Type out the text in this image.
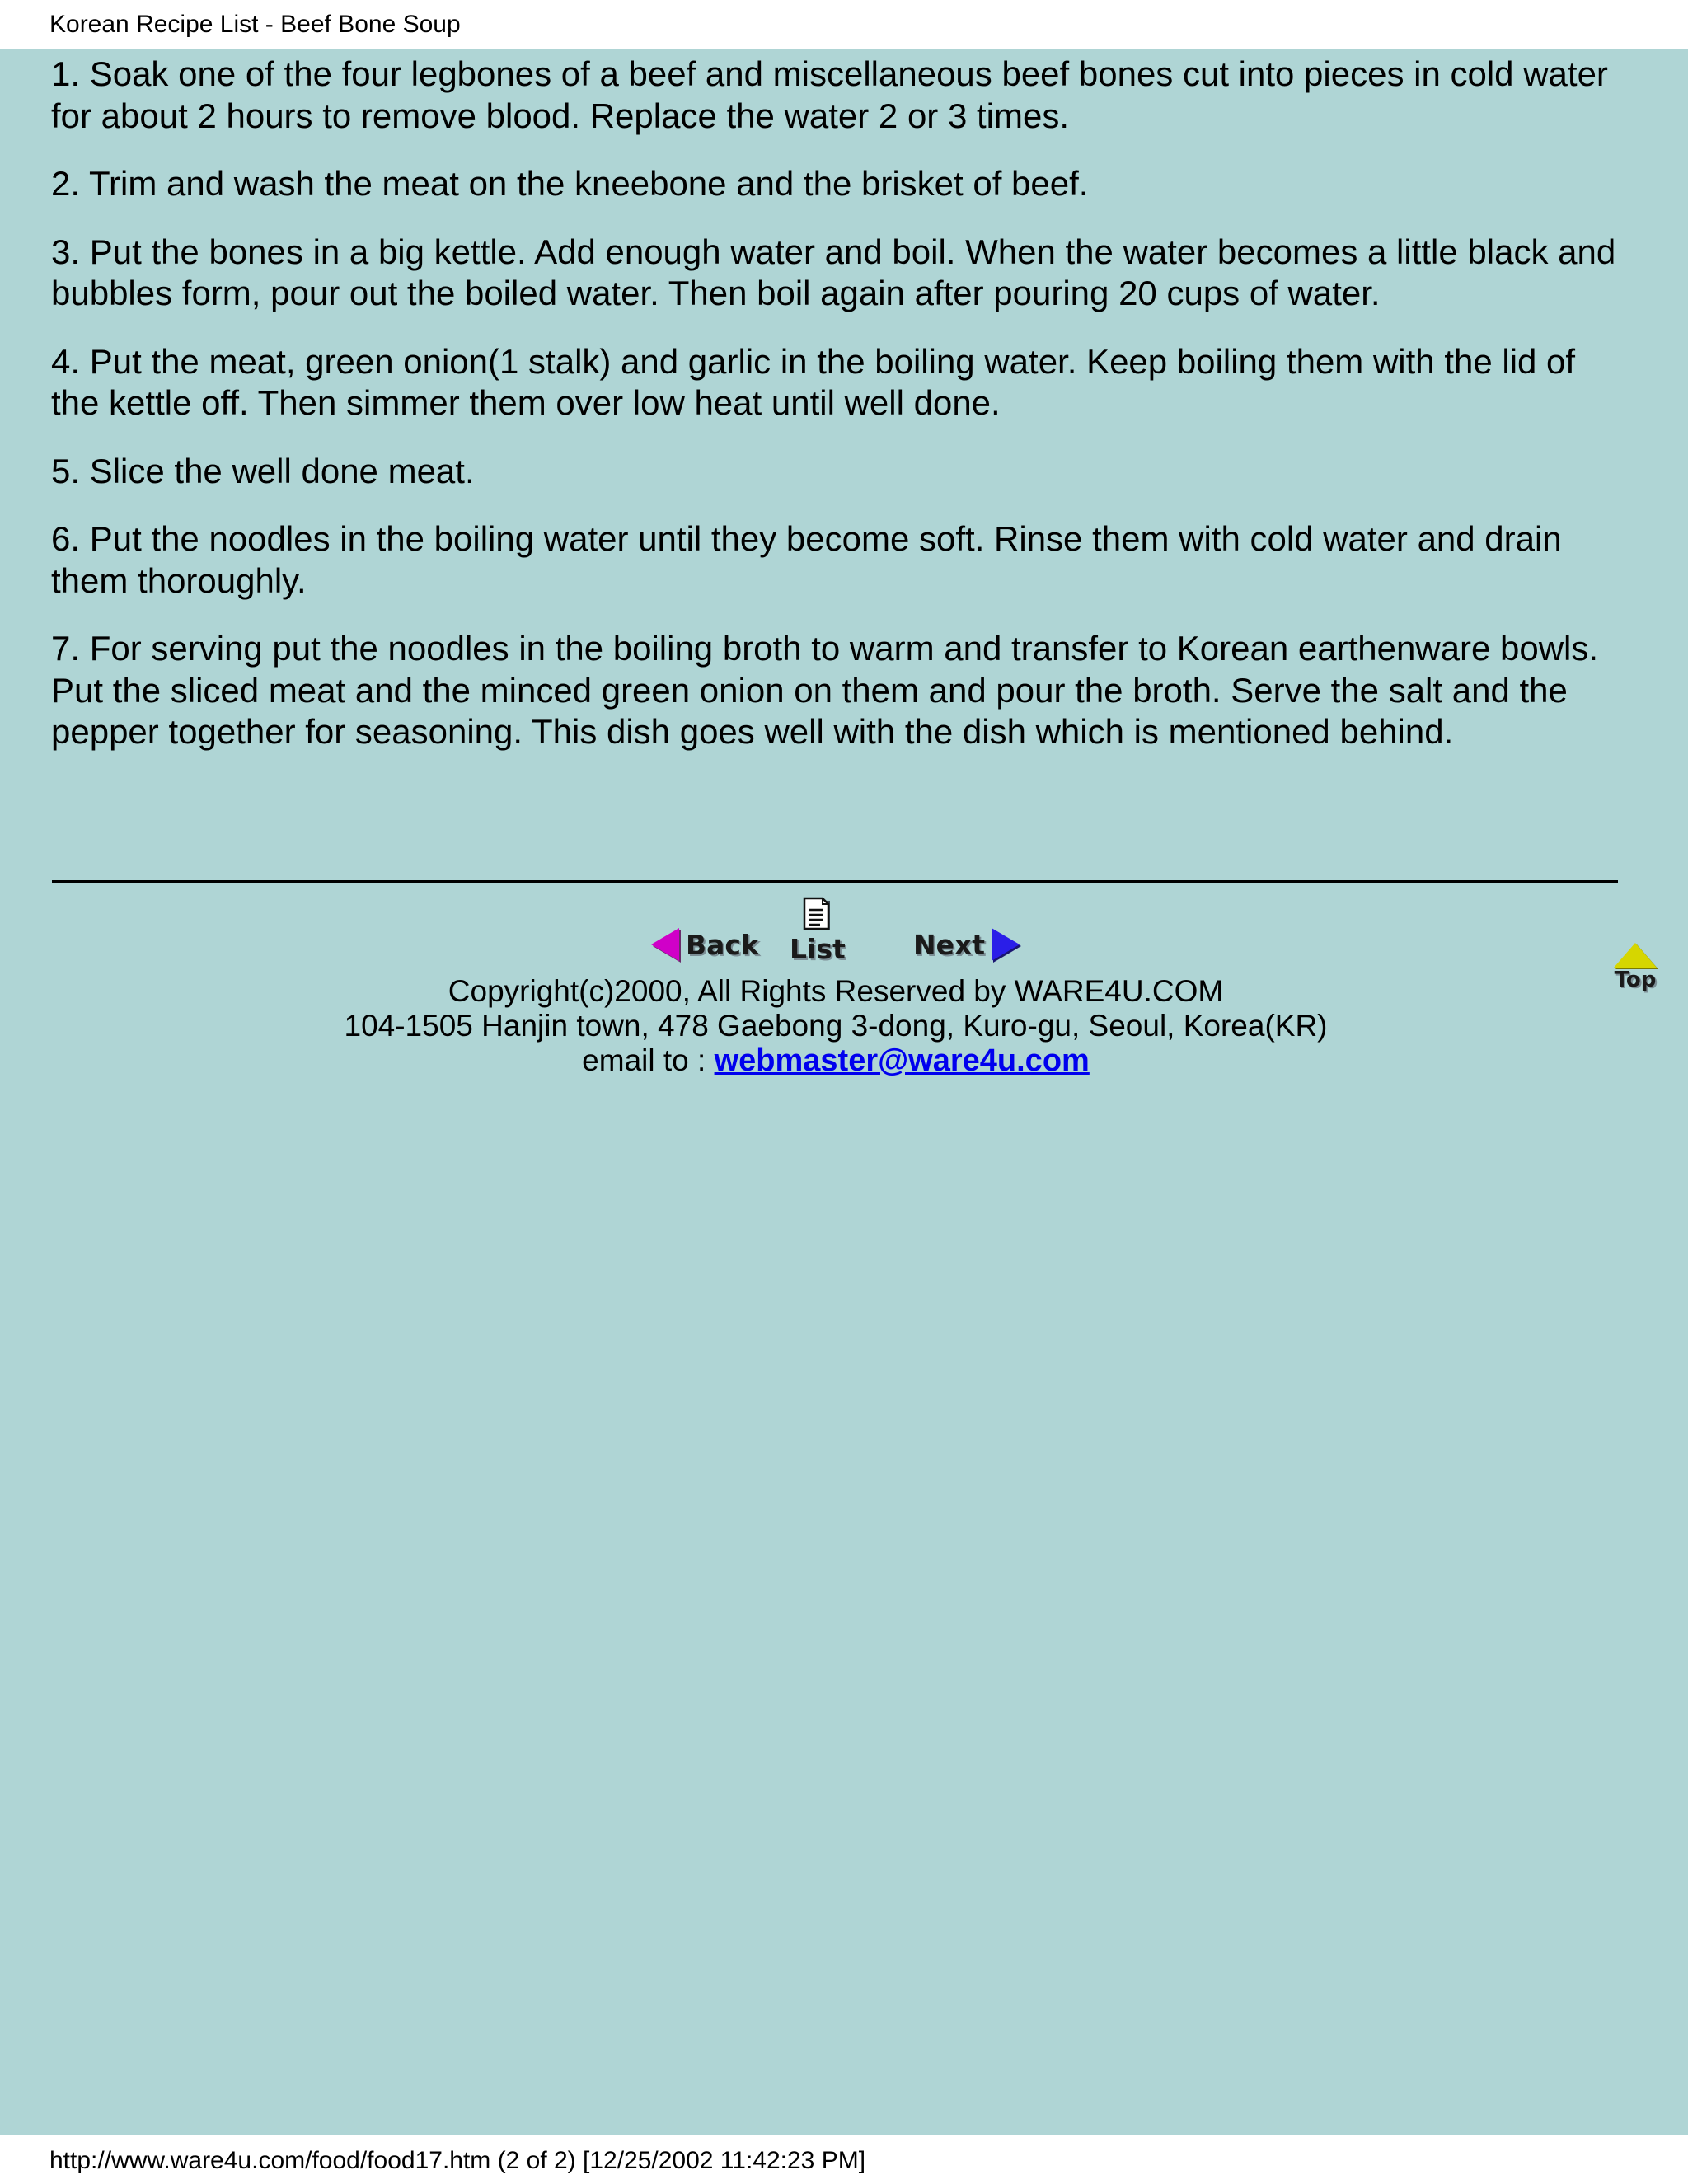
Korean Recipe List - Beef Bone Soup

1. Soak one of the four legbones of a beef and miscellaneous beef bones cut into pieces in cold water for about 2 hours to remove blood. Replace the water 2 or 3 times.

2. Trim and wash the meat on the kneebone and the brisket of beef.

3. Put the bones in a big kettle. Add enough water and boil. When the water becomes a little black and bubbles form, pour out the boiled water. Then boil again after pouring 20 cups of water.

4. Put the meat, green onion(1 stalk) and garlic in the boiling water. Keep boiling them with the lid of the kettle off. Then simmer them over low heat until well done.

5. Slice the well done meat.

6. Put the noodles in the boiling water until they become soft. Rinse them with cold water and drain them thoroughly.

7. For serving put the noodles in the boiling broth to warm and transfer to Korean earthenware bowls. Put the sliced meat and the minced green onion on them and pour the broth. Serve the salt and the pepper together for seasoning. This dish goes well with the dish which is mentioned behind.

Back List Next
Top
Copyright(c)2000, All Rights Reserved by WARE4U.COM
104-1505 Hanjin town, 478 Gaebong 3-dong, Kuro-gu, Seoul, Korea(KR)
email to : webmaster@ware4u.com
http://www.ware4u.com/food/food17.htm (2 of 2) [12/25/2002 11:42:23 PM]
